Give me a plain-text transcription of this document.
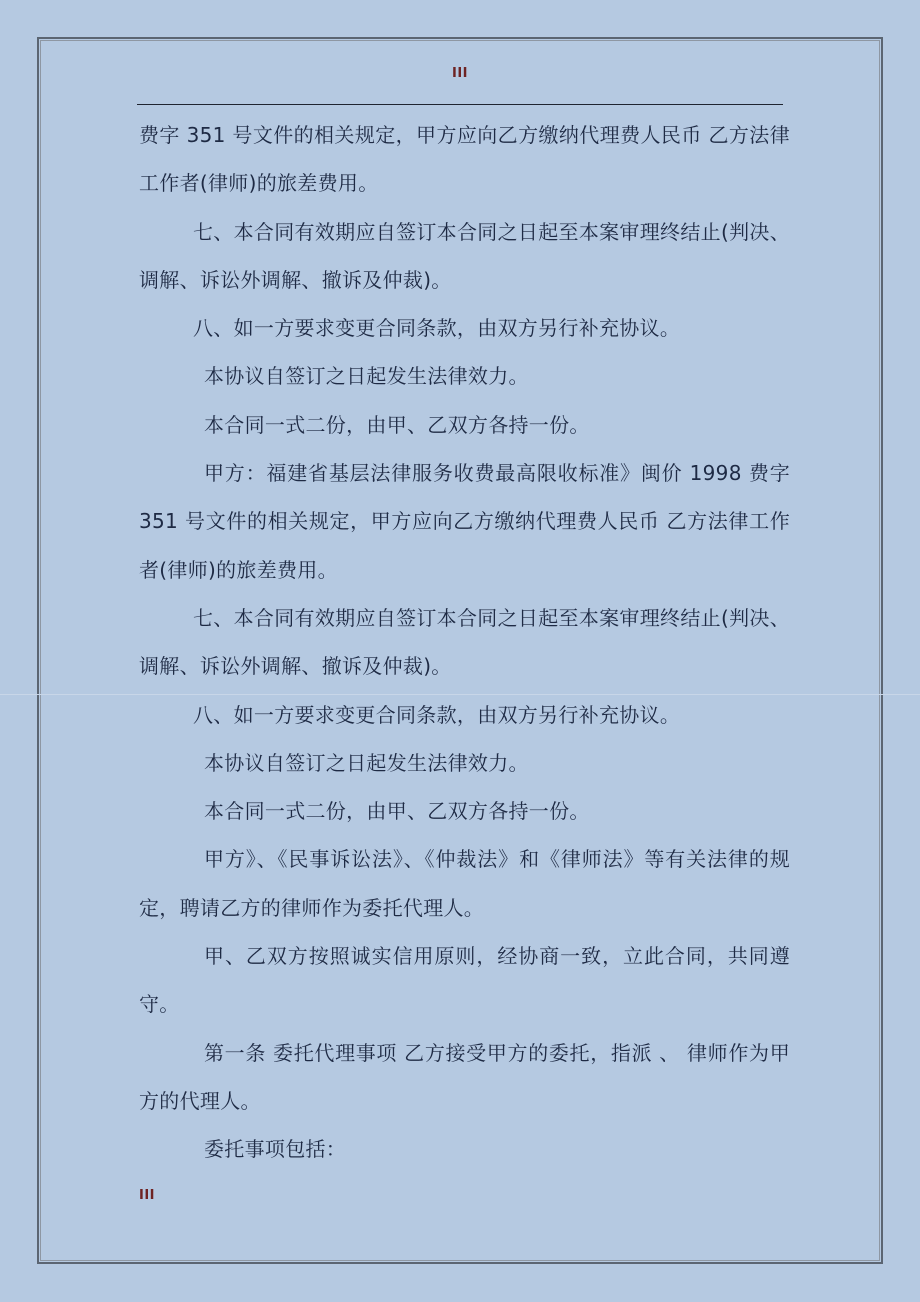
III

费字 351 号文件的相关规定，甲方应向乙方缴纳代理费人民币 乙方法律工作者(律师)的旅差费用。

七、本合同有效期应自签订本合同之日起至本案审理终结止(判决、调解、诉讼外调解、撤诉及仲裁)。

八、如一方要求变更合同条款，由双方另行补充协议。

本协议自签订之日起发生法律效力。

本合同一式二份，由甲、乙双方各持一份。

甲方：福建省基层法律服务收费最高限收标准》闽价 1998 费字 351 号文件的相关规定，甲方应向乙方缴纳代理费人民币 乙方法律工作者(律师)的旅差费用。

七、本合同有效期应自签订本合同之日起至本案审理终结止(判决、调解、诉讼外调解、撤诉及仲裁)。

八、如一方要求变更合同条款，由双方另行补充协议。

本协议自签订之日起发生法律效力。

本合同一式二份，由甲、乙双方各持一份。

甲方》、《民事诉讼法》、《仲裁法》和《律师法》等有关法律的规定，聘请乙方的律师作为委托代理人。

甲、乙双方按照诚实信用原则，经协商一致，立此合同，共同遵守。

第一条 委托代理事项 乙方接受甲方的委托，指派 、 律师作为甲方的代理人。

委托事项包括：

III
